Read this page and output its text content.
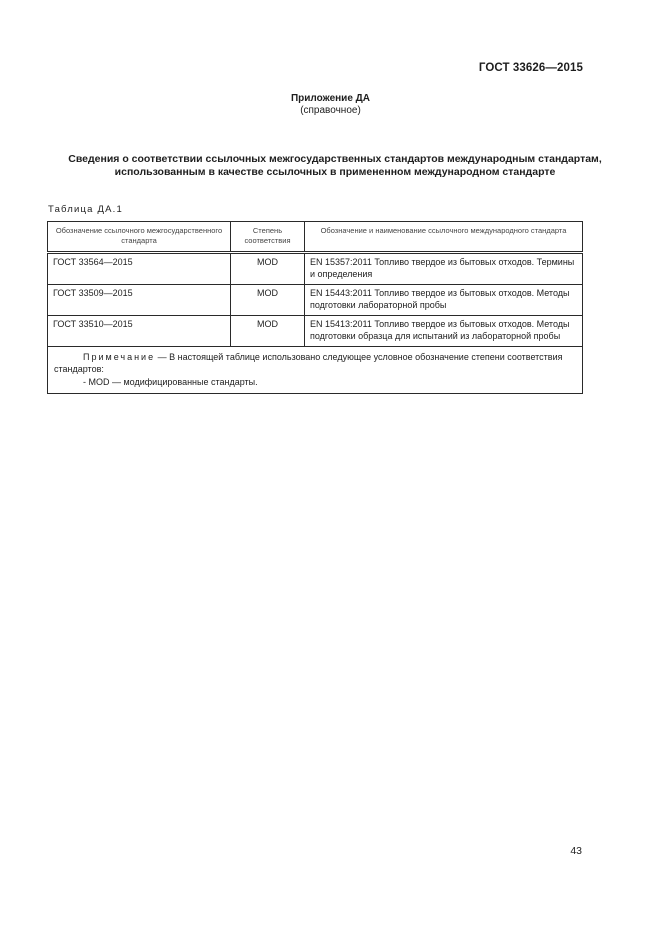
ГОСТ 33626—2015
Приложение ДА
(справочное)
Сведения о соответствии ссылочных межгосударственных стандартов международным стандартам, использованным в качестве ссылочных в примененном международном стандарте
Таблица ДА.1
Обозначение ссылочного межгосударственного стандарта	Степень соответствия	Обозначение и наименование ссылочного международного стандарта
ГОСТ 33564—2015	MOD	EN 15357:2011 Топливо твердое из бытовых отходов. Термины и определения
ГОСТ 33509—2015	MOD	EN 15443:2011 Топливо твердое из бытовых отходов. Методы подготовки лабораторной пробы
ГОСТ 33510—2015	MOD	EN 15413:2011 Топливо твердое из бытовых отходов. Методы подготовки образца для испытаний из лабораторной пробы

Примечание — В настоящей таблице использовано следующее условное обозначение степени соответствия стандартов:

- MOD — модифицированные стандарты.		
43
